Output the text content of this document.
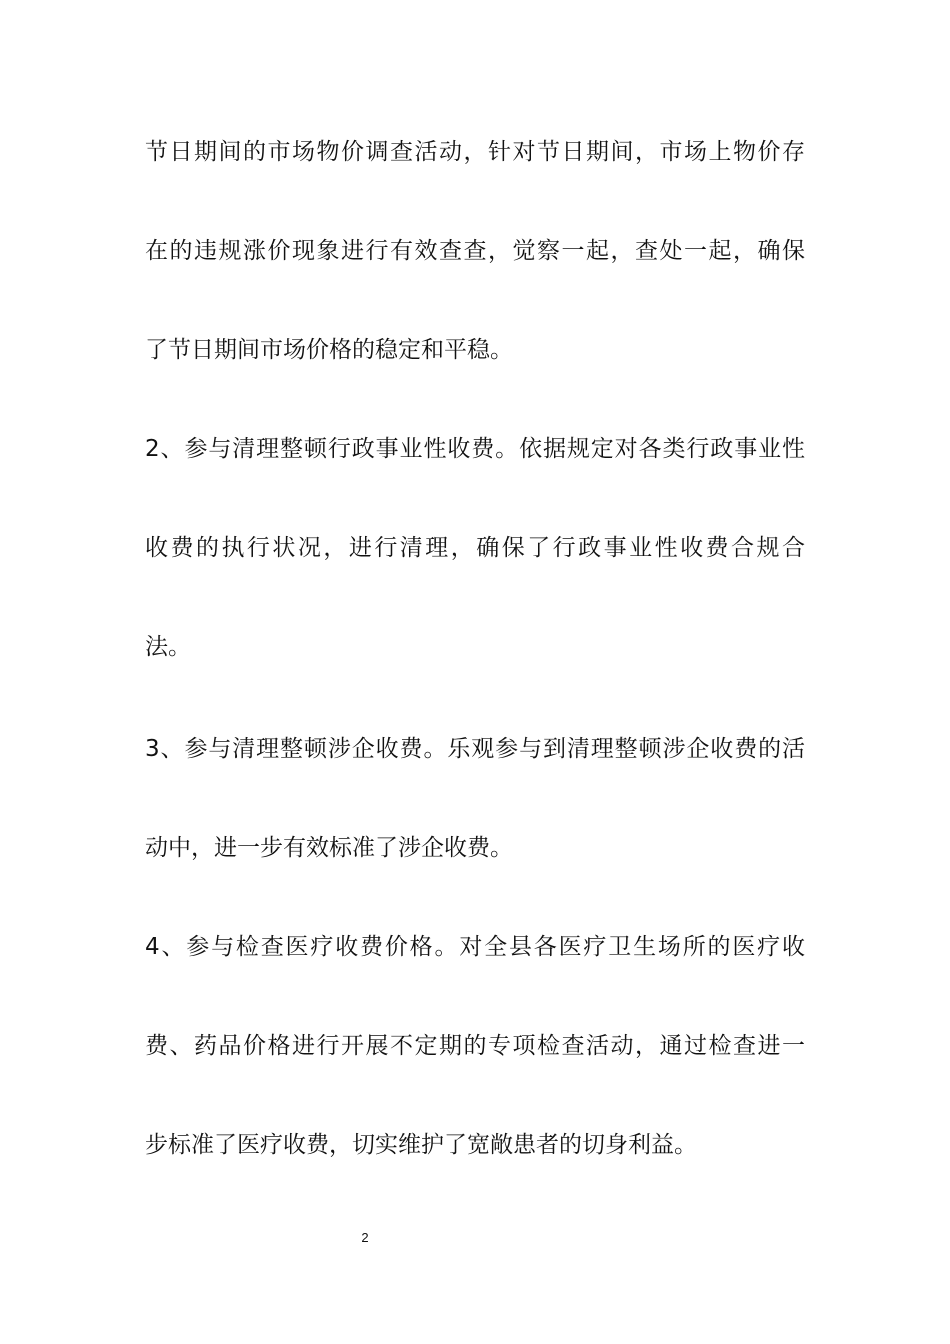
节日期间的市场物价调查活动，针对节日期间，市场上物价存
在的违规涨价现象进行有效查查，觉察一起，查处一起，确保
了节日期间市场价格的稳定和平稳。
2、参与清理整顿行政事业性收费。依据规定对各类行政事业性
收费的执行状况，进行清理，确保了行政事业性收费合规合
法。
3、参与清理整顿涉企收费。乐观参与到清理整顿涉企收费的活
动中，进一步有效标准了涉企收费。
4、参与检查医疗收费价格。对全县各医疗卫生场所的医疗收
费、药品价格进行开展不定期的专项检查活动，通过检查进一
步标准了医疗收费，切实维护了宽敞患者的切身利益。
2
